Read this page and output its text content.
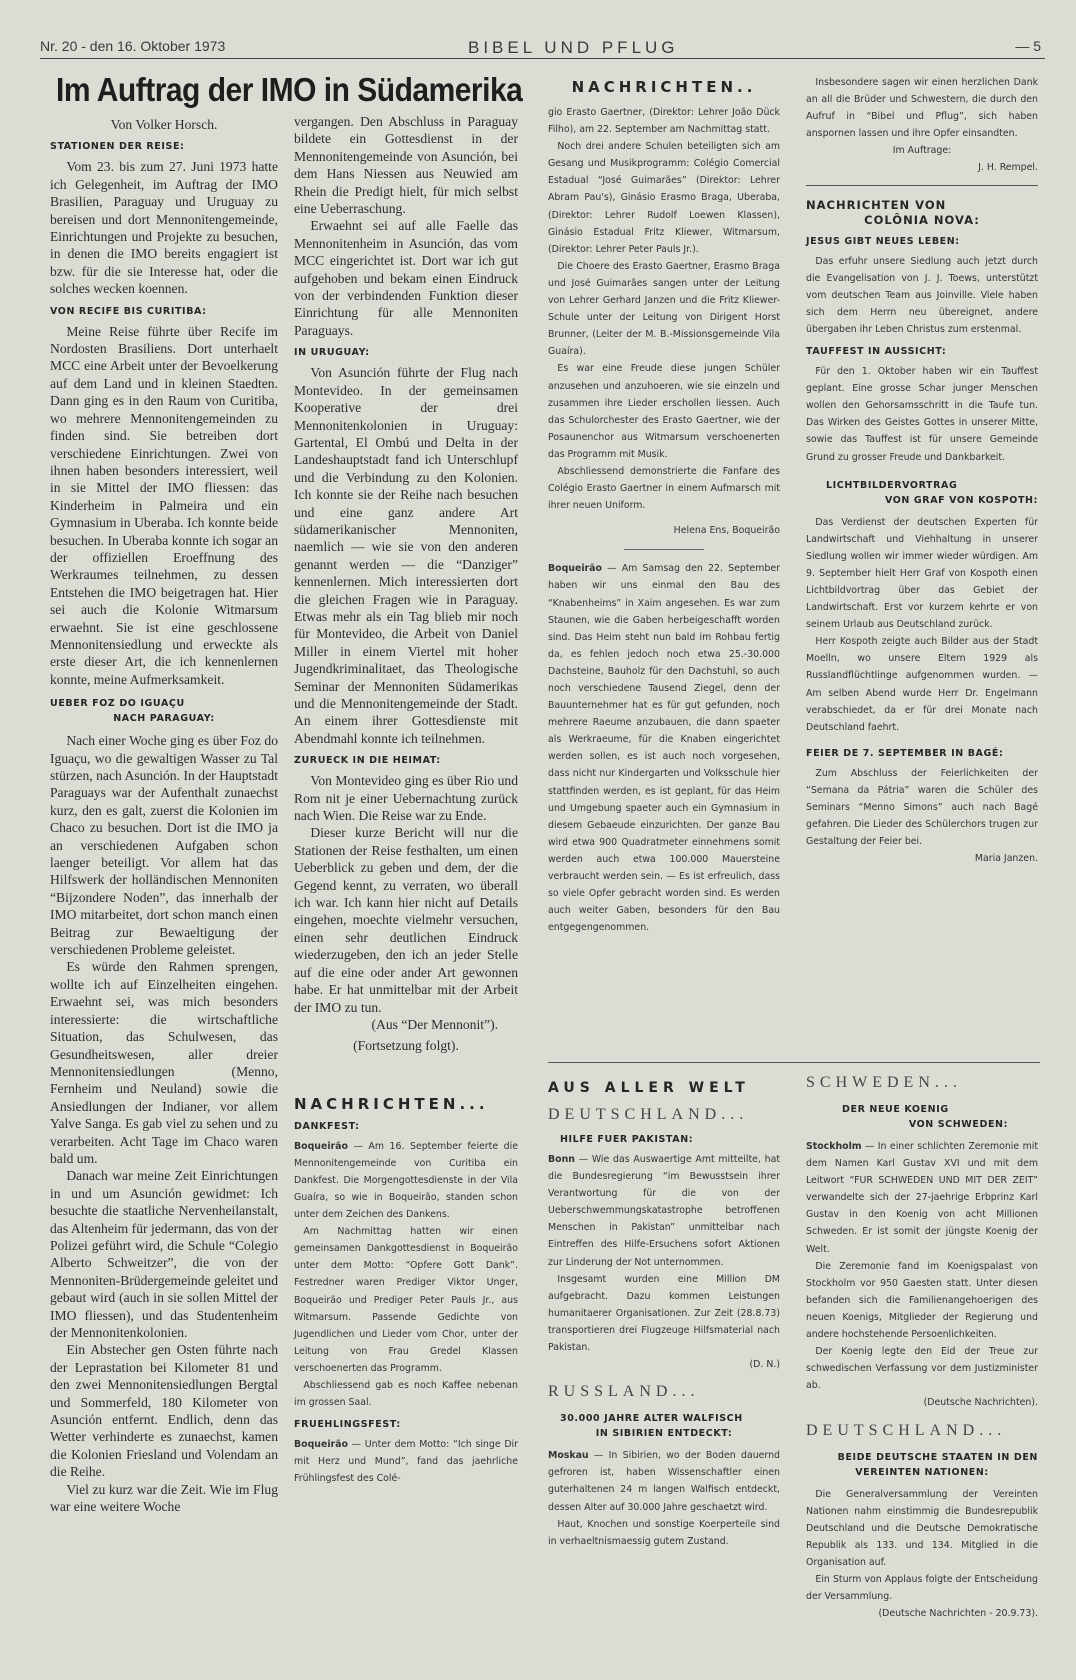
Nr. 20 - den 16. Oktober 1973	BIBEL UND PFLUG	— 5
Im Auftrag der IMO in Südamerika

Von Volker Horsch.

STATIONEN DER REISE:

Vom 23. bis zum 27. Juni 1973 hatte ich Gelegenheit, im Auftrag der IMO Brasilien, Paraguay und Uruguay zu bereisen und dort Mennonitengemeinde, Einrichtungen und Projekte zu besuchen, in denen die IMO bereits engagiert ist bzw. für die sie Interesse hat, oder die solches wecken koennen.

VON RECIFE BIS CURITIBA:

Meine Reise führte über Recife im Nordosten Brasiliens. Dort unterhaelt MCC eine Arbeit unter der Bevoelkerung auf dem Land und in kleinen Staedten. Dann ging es in den Raum von Curitiba, wo mehrere Mennonitengemeinden zu finden sind. Sie betreiben dort verschiedene Einrichtungen. Zwei von ihnen haben besonders interessiert, weil in sie Mittel der IMO fliessen: das Kinderheim in Palmeira und ein Gymnasium in Uberaba. Ich konnte beide besuchen. In Uberaba konnte ich sogar an der offiziellen Eroeffnung des Werkraumes teilnehmen, zu dessen Entstehen die IMO beigetragen hat. Hier sei auch die Kolonie Witmarsum erwaehnt. Sie ist eine geschlossene Mennonitensiedlung und erweckte als erste dieser Art, die ich kennenlernen konnte, meine Aufmerksamkeit.

UEBER FOZ DO IGUAÇU
NACH PARAGUAY:

Nach einer Woche ging es über Foz do Iguaçu, wo die gewaltigen Wasser zu Tal stürzen, nach Asunción. In der Hauptstadt Paraguays war der Aufenthalt zunaechst kurz, den es galt, zuerst die Kolonien im Chaco zu besuchen. Dort ist die IMO ja an verschiedenen Aufgaben schon laenger beteiligt. Vor allem hat das Hilfswerk der holländischen Mennoniten “Bijzondere Noden”, das innerhalb der IMO mitarbeitet, dort schon manch einen Beitrag zur Bewaeltigung der verschiedenen Probleme geleistet.

Es würde den Rahmen sprengen, wollte ich auf Einzelheiten eingehen. Erwaehnt sei, was mich besonders interessierte: die wirtschaftliche Situation, das Schulwesen, das Gesundheitswesen, aller dreier Mennonitensiedlungen (Menno, Fernheim und Neuland) sowie die Ansiedlungen der Indianer, vor allem Yalve Sanga. Es gab viel zu sehen und zu verarbeiten. Acht Tage im Chaco waren bald um.

Danach war meine Zeit Einrichtungen in und um Asunción gewidmet: Ich besuchte die staatliche Nervenheilanstalt, das Altenheim für jedermann, das von der Polizei geführt wird, die Schule “Colegio Alberto Schweitzer”, die von der Mennoniten-Brüdergemeinde geleitet und gebaut wird (auch in sie sollen Mittel der IMO fliessen), und das Studentenheim der Mennonitenkolonien.

Ein Abstecher gen Osten führte nach der Leprastation bei Kilometer 81 und den zwei Mennonitensiedlungen Bergtal und Sommerfeld, 180 Kilometer von Asunción entfernt. Endlich, denn das Wetter verhinderte es zunaechst, kamen die Kolonien Friesland und Volendam an die Reihe.

Viel zu kurz war die Zeit. Wie im Flug war eine weitere Woche

vergangen. Den Abschluss in Paraguay bildete ein Gottesdienst in der Mennonitengemeinde von Asunción, bei dem Hans Niessen aus Neuwied am Rhein die Predigt hielt, für mich selbst eine Ueberraschung.

Erwaehnt sei auf alle Faelle das Mennonitenheim in Asunción, das vom MCC eingerichtet ist. Dort war ich gut aufgehoben und bekam einen Eindruck von der verbindenden Funktion dieser Einrichtung für alle Mennoniten Paraguays.

IN URUGUAY:

Von Asunción führte der Flug nach Montevideo. In der gemeinsamen Kooperative der drei Mennonitenkolonien in Uruguay: Gartental, El Ombú und Delta in der Landeshauptstadt fand ich Unterschlupf und die Verbindung zu den Kolonien. Ich konnte sie der Reihe nach besuchen und eine ganz andere Art südamerikanischer Mennoniten, naemlich — wie sie von den anderen genannt werden — die “Danziger” kennenlernen. Mich interessierten dort die gleichen Fragen wie in Paraguay. Etwas mehr als ein Tag blieb mir noch für Montevideo, die Arbeit von Daniel Miller in einem Viertel mit hoher Jugendkriminalitaet, das Theologische Seminar der Mennoniten Südamerikas und die Mennonitengemeinde der Stadt. An einem ihrer Gottesdienste mit Abendmahl konnte ich teilnehmen.

ZURUECK IN DIE HEIMAT:

Von Montevideo ging es über Rio und Rom nit je einer Uebernachtung zurück nach Wien. Die Reise war zu Ende.

Dieser kurze Bericht will nur die Stationen der Reise festhalten, um einen Ueberblick zu geben und dem, der die Gegend kennt, zu verraten, wo überall ich war. Ich kann hier nicht auf Details eingehen, moechte vielmehr versuchen, einen sehr deutlichen Eindruck wiederzugeben, den ich an jeder Stelle auf die eine oder ander Art gewonnen habe. Er hat unmittelbar mit der Arbeit der IMO zu tun.

(Aus “Der Mennonit”).

(Fortsetzung folgt).

NACHRICHTEN...
DANKFEST:

Boqueirão — Am 16. September feierte die Mennonitengemeinde von Curitiba ein Dankfest. Die Morgengottesdienste in der Vila Guaíra, so wie in Boqueirão, standen schon unter dem Zeichen des Dankens.

Am Nachmittag hatten wir einen gemeinsamen Dankgottesdienst in Boqueirão unter dem Motto: “Opfere Gott Dank”. Festredner waren Prediger Viktor Unger, Boqueirão und Prediger Peter Pauls Jr., aus Witmarsum. Passende Gedichte von Jugendlichen und Lieder vom Chor, unter der Leitung von Frau Gredel Klassen verschoenerten das Programm.

Abschliessend gab es noch Kaffee nebenan im grossen Saal.

FRUEHLINGSFEST:

Boqueirão — Unter dem Motto: “Ich singe Dir mit Herz und Mund”, fand das jaehrliche Frühlingsfest des Colé-

NACHRICHTEN..

gio Erasto Gaertner, (Direktor: Lehrer João Dück Filho), am 22. September am Nachmittag statt.

Noch drei andere Schulen beteiligten sich am Gesang und Musikprogramm: Colégio Comercial Estadual “José Guimarães” (Direktor: Lehrer Abram Pau's), Ginásio Erasmo Braga, Uberaba, (Direktor: Lehrer Rudolf Loewen Klassen), Ginásio Estadual Fritz Kliewer, Witmarsum, (Direktor: Lehrer Peter Pauls Jr.).

Die Choere des Erasto Gaertner, Erasmo Braga und José Guimarães sangen unter der Leitung von Lehrer Gerhard Janzen und die Fritz Kliewer-Schule unter der Leitung von Dirigent Horst Brunner, (Leiter der M. B.-Missionsgemeinde Vila Guaíra).

Es war eine Freude diese jungen Schüler anzusehen und anzuhoeren, wie sie einzeln und zusammen ihre Lieder erschollen liessen. Auch das Schulorchester des Erasto Gaertner, wie der Posaunenchor aus Witmarsum verschoenerten das Programm mit Musik.

Abschliessend demonstrierte die Fanfare des Colégio Erasto Gaertner in einem Aufmarsch mit ihrer neuen Uniform.

Helena Ens, Boqueirão

Boqueirão — Am Samsag den 22. September haben wir uns einmal den Bau des “Knabenheims” in Xaim angesehen. Es war zum Staunen, wie die Gaben herbeigeschafft worden sind. Das Heim steht nun bald im Rohbau fertig da, es fehlen jedoch noch etwa 25.-30.000 Dachsteine, Bauholz für den Dachstuhl, so auch noch verschiedene Tausend Ziegel, denn der Bauunternehmer hat es für gut gefunden, noch mehrere Raeume anzubauen, die dann spaeter als Werkraeume, für die Knaben eingerichtet werden sollen, es ist auch noch vorgesehen, dass nicht nur Kindergarten und Volksschule hier stattfinden werden, es ist geplant, für das Heim und Umgebung spaeter auch ein Gymnasium in diesem Gebaeude einzurichten. Der ganze Bau wird etwa 900 Quadratmeter einnehmens somit werden auch etwa 100.000 Mauersteine verbraucht werden sein. — Es ist erfreulich, dass so viele Opfer gebracht worden sind. Es werden auch weiter Gaben, besonders für den Bau entgegengenommen.

Insbesondere sagen wir einen herzlichen Dank an all die Brüder und Schwestern, die durch den Aufruf in “Bibel und Pflug”, sich haben anspornen lassen und ihre Opfer einsandten.

Im Auftrage:

J. H. Rempel.

NACHRICHTEN VON
COLÔNIA NOVA:
JESUS GIBT NEUES LEBEN:

Das erfuhr unsere Siedlung auch jetzt durch die Evangelisation von J. J. Toews, unterstützt vom deutschen Team aus Joinville. Viele haben sich dem Herrn neu übereignet, andere übergaben ihr Leben Christus zum erstenmal.

TAUFFEST IN AUSSICHT:

Für den 1. Oktober haben wir ein Tauffest geplant. Eine grosse Schar junger Menschen wollen den Gehorsamsschritt in die Taufe tun. Das Wirken des Geistes Gottes in unserer Mitte, sowie das Tauffest ist für unsere Gemeinde Grund zu grosser Freude und Dankbarkeit.

LICHTBILDERVORTRAG
VON GRAF VON KOSPOTH:

Das Verdienst der deutschen Experten für Landwirtschaft und Viehhaltung in unserer Siedlung wollen wir immer wieder würdigen. Am 9. September hielt Herr Graf von Kospoth einen Lichtbildvortrag über das Gebiet der Landwirtschaft. Erst vor kurzem kehrte er von seinem Urlaub aus Deutschland zurück.

Herr Kospoth zeigte auch Bilder aus der Stadt Moelln, wo unsere Eltern 1929 als Russlandflüchtlinge aufgenommen wurden. — Am selben Abend wurde Herr Dr. Engelmann verabschiedet, da er für drei Monate nach Deutschland faehrt.

FEIER DE 7. SEPTEMBER IN BAGÉ:

Zum Abschluss der Feierlichkeiten der “Semana da Pátria” waren die Schüler des Seminars “Menno Simons” auch nach Bagé gefahren. Die Lieder des Schülerchors trugen zur Gestaltung der Feier bei.

Maria Janzen.

AUS ALLER WELT
DEUTSCHLAND...
HILFE FUER PAKISTAN:

Bonn — Wie das Auswaertige Amt mitteilte, hat die Bundesregierung “im Bewusstsein ihrer Verantwortung für die von der Ueberschwemmungskatastrophe betroffenen Menschen in Pakistan” unmittelbar nach Eintreffen des Hilfe-Ersuchens sofort Aktionen zur Linderung der Not unternommen.

Insgesamt wurden eine Million DM aufgebracht. Dazu kommen Leistungen humanitaerer Organisationen. Zur Zeit (28.8.73) transportieren drei Flugzeuge Hilfsmaterial nach Pakistan.

(D. N.)

RUSSLAND...
30.000 JAHRE ALTER WALFISCH
IN SIBIRIEN ENTDECKT:

Moskau — In Sibirien, wo der Boden dauernd gefroren ist, haben Wissenschaftler einen guterhaltenen 24 m langen Walfisch entdeckt, dessen Alter auf 30.000 Jahre geschaetzt wird.

Haut, Knochen und sonstige Koerperteile sind in verhaeltnismaessig gutem Zustand.

SCHWEDEN...
DER NEUE KOENIG
VON SCHWEDEN:

Stockholm — In einer schlichten Zeremonie mit dem Namen Karl Gustav XVI und mit dem Leitwort “FUR SCHWEDEN UND MIT DER ZEIT” verwandelte sich der 27-jaehrige Erbprinz Karl Gustav in den Koenig von acht Millionen Schweden. Er ist somit der jüngste Koenig der Welt.

Die Zeremonie fand im Koenigspalast von Stockholm vor 950 Gaesten statt. Unter diesen befanden sich die Familienangehoerigen des neuen Koenigs, Mitglieder der Regierung und andere hochstehende Persoenlichkeiten.

Der Koenig legte den Eid der Treue zur schwedischen Verfassung vor dem Justizminister ab.

(Deutsche Nachrichten).

DEUTSCHLAND...
BEIDE DEUTSCHE STAATEN IN DEN
VEREINTEN NATIONEN:

Die Generalversammlung der Vereinten Nationen nahm einstimmig die Bundesrepublik Deutschland und die Deutsche Demokratische Republik als 133. und 134. Mitglied in die Organisation auf.

Ein Sturm von Applaus folgte der Entscheidung der Versammlung.

(Deutsche Nachrichten - 20.9.73).
